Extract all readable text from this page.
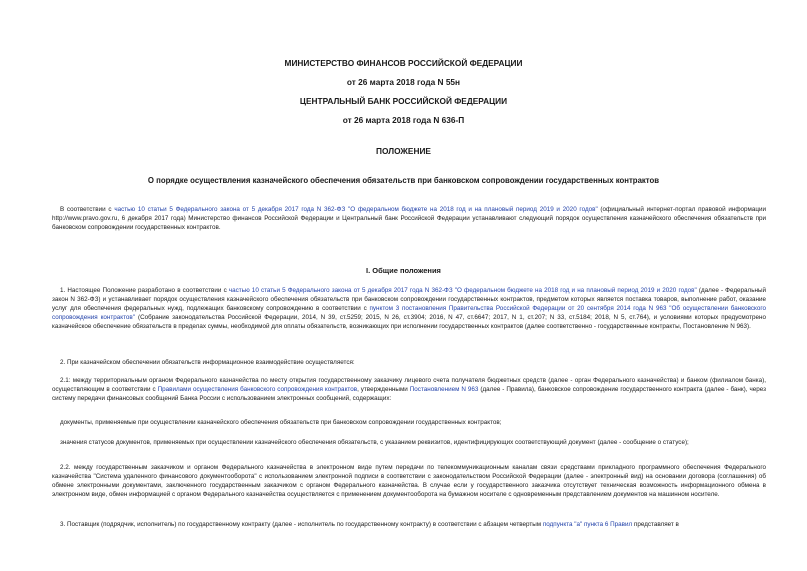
МИНИСТЕРСТВО ФИНАНСОВ РОССИЙСКОЙ ФЕДЕРАЦИИ
от 26 марта 2018 года N 55н
ЦЕНТРАЛЬНЫЙ БАНК РОССИЙСКОЙ ФЕДЕРАЦИИ
от 26 марта 2018 года N 636-П
ПОЛОЖЕНИЕ
О порядке осуществления казначейского обеспечения обязательств при банковском сопровождении государственных контрактов
В соответствии с частью 10 статьи 5 Федерального закона от 5 декабря 2017 года N 362-ФЗ "О федеральном бюджете на 2018 год и на плановый период 2019 и 2020 годов" (официальный интернет-портал правовой информации http://www.pravo.gov.ru, 6 декабря 2017 года) Министерство финансов Российской Федерации и Центральный банк Российской Федерации устанавливают следующий порядок осуществления казначейского обеспечения обязательств при банковском сопровождении государственных контрактов.
I. Общие положения
1. Настоящее Положение разработано в соответствии с частью 10 статьи 5 Федерального закона от 5 декабря 2017 года N 362-ФЗ "О федеральном бюджете на 2018 год и на плановый период 2019 и 2020 годов" (далее - Федеральный закон N 362-ФЗ) и устанавливает порядок осуществления казначейского обеспечения обязательств при банковском сопровождении государственных контрактов, предметом которых является поставка товаров, выполнение работ, оказание услуг для обеспечения федеральных нужд, подлежащих банковскому сопровождению в соответствии с пунктом 3 постановления Правительства Российской Федерации от 20 сентября 2014 года N 963 "Об осуществлении банковского сопровождения контрактов" (Собрание законодательства Российской Федерации, 2014, N 39, ст.5259; 2015, N 26, ст.3904; 2016, N 47, ст.6647; 2017, N 1, ст.207; N 33, ст.5184; 2018, N 5, ст.764), и условиями которых предусмотрено казначейское обеспечение обязательств в пределах суммы, необходимой для оплаты обязательств, возникающих при исполнении государственных контрактов (далее соответственно - государственные контракты, Постановление N 963).
2. При казначейском обеспечении обязательств информационное взаимодействие осуществляется:
2.1: между территориальным органом Федерального казначейства по месту открытия государственному заказчику лицевого счета получателя бюджетных средств (далее - орган Федерального казначейства) и банком (филиалом банка), осуществляющим в соответствии с Правилами осуществления банковского сопровождения контрактов, утвержденными Постановлением N 963 (далее - Правила), банковское сопровождение государственного контракта (далее - банк), через систему передачи финансовых сообщений Банка России с использованием электронных сообщений, содержащих:
документы, применяемые при осуществлении казначейского обеспечения обязательств при банковском сопровождении государственных контрактов;
значения статусов документов, применяемых при осуществлении казначейского обеспечения обязательств, с указанием реквизитов, идентифицирующих соответствующий документ (далее - сообщение о статусе);
2.2. между государственным заказчиком и органом Федерального казначейства в электронном виде путем передачи по телекоммуникационным каналам связи средствами прикладного программного обеспечения Федерального казначейства "Система удаленного финансового документооборота" с использованием электронной подписи в соответствии с законодательством Российской Федерации (далее - электронный вид) на основании договора (соглашения) об обмене электронными документами, заключенного государственным заказчиком с органом Федерального казначейства. В случае если у государственного заказчика отсутствует техническая возможность информационного обмена в электронном виде, обмен информацией с органом Федерального казначейства осуществляется с применением документооборота на бумажном носителе с одновременным представлением документов на машинном носителе.
3. Поставщик (подрядчик, исполнитель) по государственному контракту (далее - исполнитель по государственному контракту) в соответствии с абзацем четвертым подпункта "а" пункта 6 Правил представляет в
